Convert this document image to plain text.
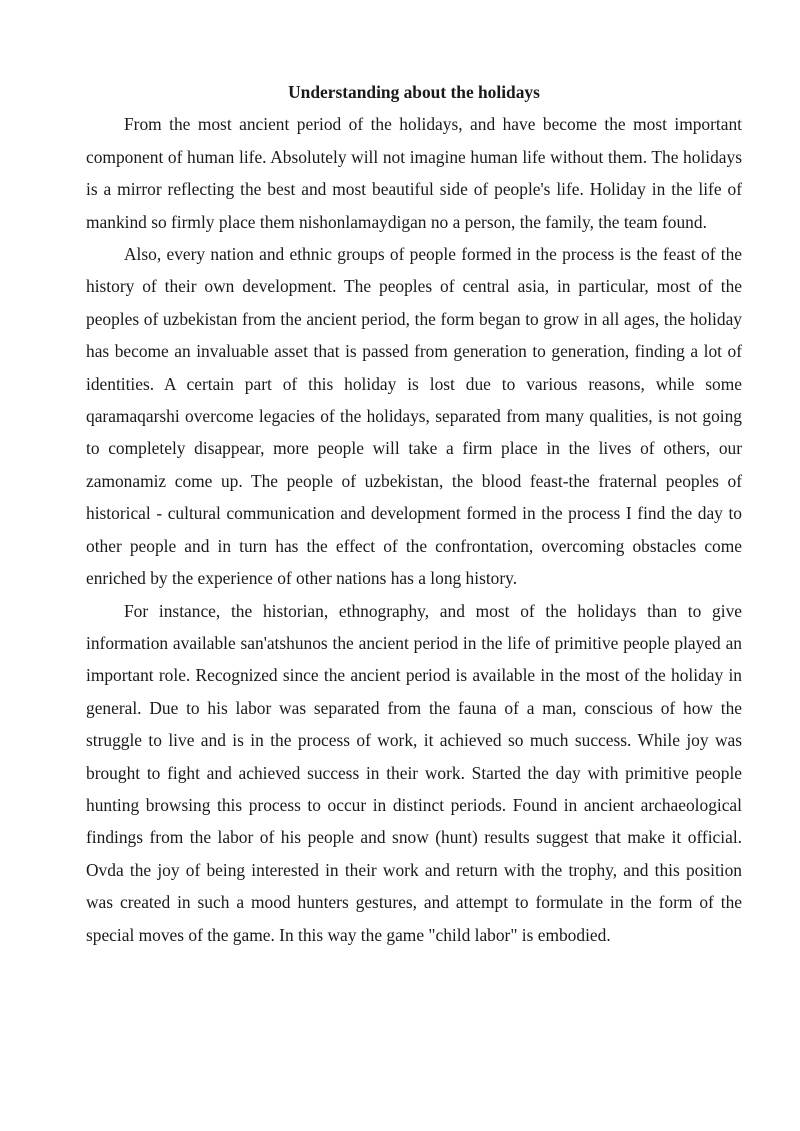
Understanding about the holidays

From the most ancient period of the holidays, and have become the most important component of human life. Absolutely will not imagine human life without them. The holidays is a mirror reflecting the best and most beautiful side of people's life. Holiday in the life of mankind so firmly place them nishonlamaydigan no a person, the family, the team found.

Also, every nation and ethnic groups of people formed in the process is the feast of the history of their own development. The peoples of central asia, in particular, most of the peoples of uzbekistan from the ancient period, the form began to grow in all ages, the holiday has become an invaluable asset that is passed from generation to generation, finding a lot of identities. A certain part of this holiday is lost due to various reasons, while some qaramaqarshi overcome legacies of the holidays, separated from many qualities, is not going to completely disappear, more people will take a firm place in the lives of others, our zamonamiz come up. The people of uzbekistan, the blood feast-the fraternal peoples of historical - cultural communication and development formed in the process I find the day to other people and in turn has the effect of the confrontation, overcoming obstacles come enriched by the experience of other nations has a long history.

For instance, the historian, ethnography, and most of the holidays than to give information available san'atshunos the ancient period in the life of primitive people played an important role. Recognized since the ancient period is available in the most of the holiday in general. Due to his labor was separated from the fauna of a man, conscious of how the struggle to live and is in the process of work, it achieved so much success. While joy was brought to fight and achieved success in their work. Started the day with primitive people hunting browsing this process to occur in distinct periods. Found in ancient archaeological findings from the labor of his people and snow (hunt) results suggest that make it official. Ovda the joy of being interested in their work and return with the trophy, and this position was created in such a mood hunters gestures, and attempt to formulate in the form of the special moves of the game. In this way the game "child labor" is embodied.
